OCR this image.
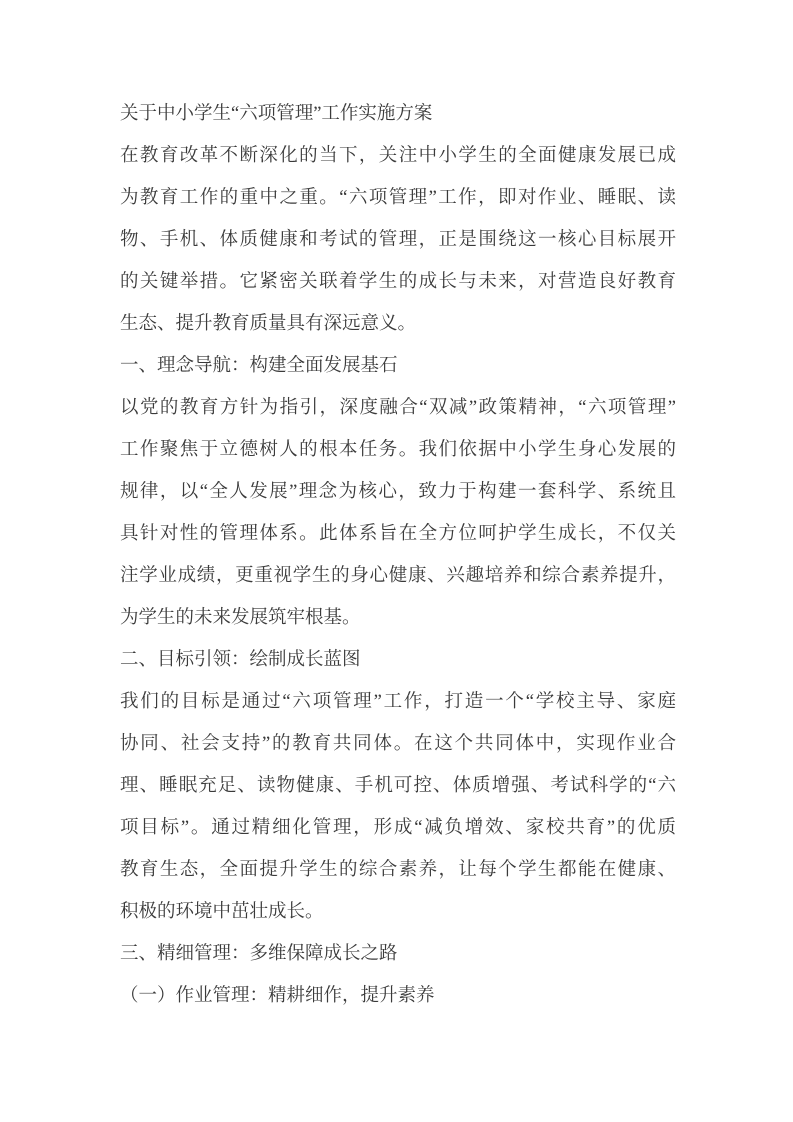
关于中小学生“六项管理”工作实施方案
在教育改革不断深化的当下，关注中小学生的全面健康发展已成
为教育工作的重中之重。“六项管理”工作，即对作业、睡眠、读
物、手机、体质健康和考试的管理，正是围绕这一核心目标展开
的关键举措。它紧密关联着学生的成长与未来，对营造良好教育
生态、提升教育质量具有深远意义。
一、理念导航：构建全面发展基石
以党的教育方针为指引，深度融合“双减”政策精神，“六项管理”
工作聚焦于立德树人的根本任务。我们依据中小学生身心发展的
规律，以“全人发展”理念为核心，致力于构建一套科学、系统且
具针对性的管理体系。此体系旨在全方位呵护学生成长，不仅关
注学业成绩，更重视学生的身心健康、兴趣培养和综合素养提升，
为学生的未来发展筑牢根基。
二、目标引领：绘制成长蓝图
我们的目标是通过“六项管理”工作，打造一个“学校主导、家庭
协同、社会支持”的教育共同体。在这个共同体中，实现作业合
理、睡眠充足、读物健康、手机可控、体质增强、考试科学的“六
项目标”。通过精细化管理，形成“减负增效、家校共育”的优质
教育生态，全面提升学生的综合素养，让每个学生都能在健康、
积极的环境中茁壮成长。
三、精细管理：多维保障成长之路
（一）作业管理：精耕细作，提升素养
